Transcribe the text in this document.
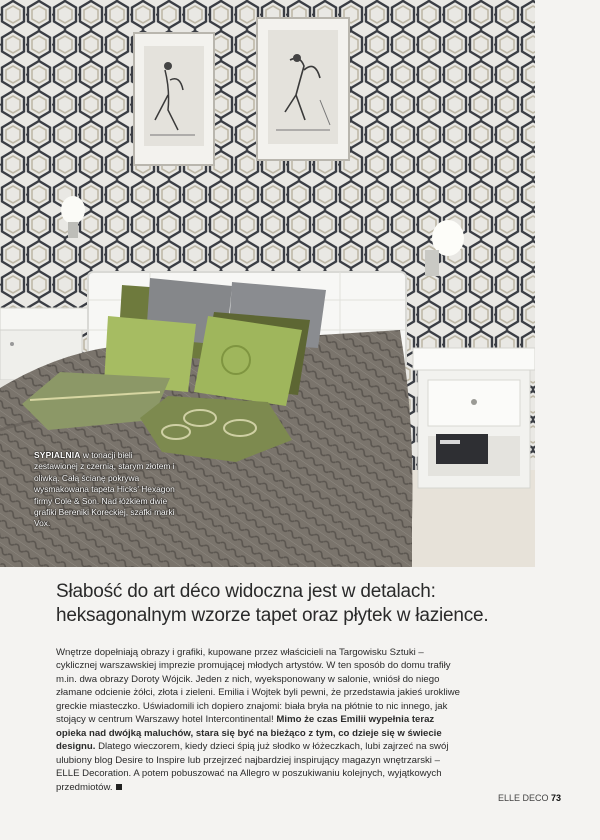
SYPIALNIA w tonacji bieli zestawionej z czernią, starym złotem i oliwką. Całą ścianę pokrywa wysmakowana tapeta Hicks' Hexagon firmy Cole & Son. Nad łóżkiem dwie grafiki Bereniki Koreckiej, szafki marki Vox.
Słabość do art déco widoczna jest w detalach:
heksagonalnym wzorze tapet oraz płytek w łazience.

Wnętrze dopełniają obrazy i grafiki, kupowane przez właścicieli na Targowisku Sztuki – cyklicznej warszawskiej imprezie promującej młodych artystów. W ten sposób do domu trafiły m.in. dwa obrazy Doroty Wójcik. Jeden z nich, wyeksponowany w salonie, wniósł do niego złamane odcienie żółci, złota i zieleni. Emilia i Wojtek byli pewni, że przedstawia jakieś urokliwe greckie miasteczko. Uświadomili ich dopiero znajomi: biała bryła na płótnie to nic innego, jak stojący w centrum Warszawy hotel Intercontinental! Mimo że czas Emilii wypełnia teraz opieka nad dwójką maluchów, stara się być na bieżąco z tym, co dzieje się w świecie designu. Dlatego wieczorem, kiedy dzieci śpią już słodko w łóżeczkach, lubi zajrzeć na swój ulubiony blog Desire to Inspire lub przejrzeć najbardziej inspirujący magazyn wnętrzarski – ELLE Decoration. A potem pobuszować na Allegro w poszukiwaniu kolejnych, wyjątkowych przedmiotów.

ELLE DECO 73
